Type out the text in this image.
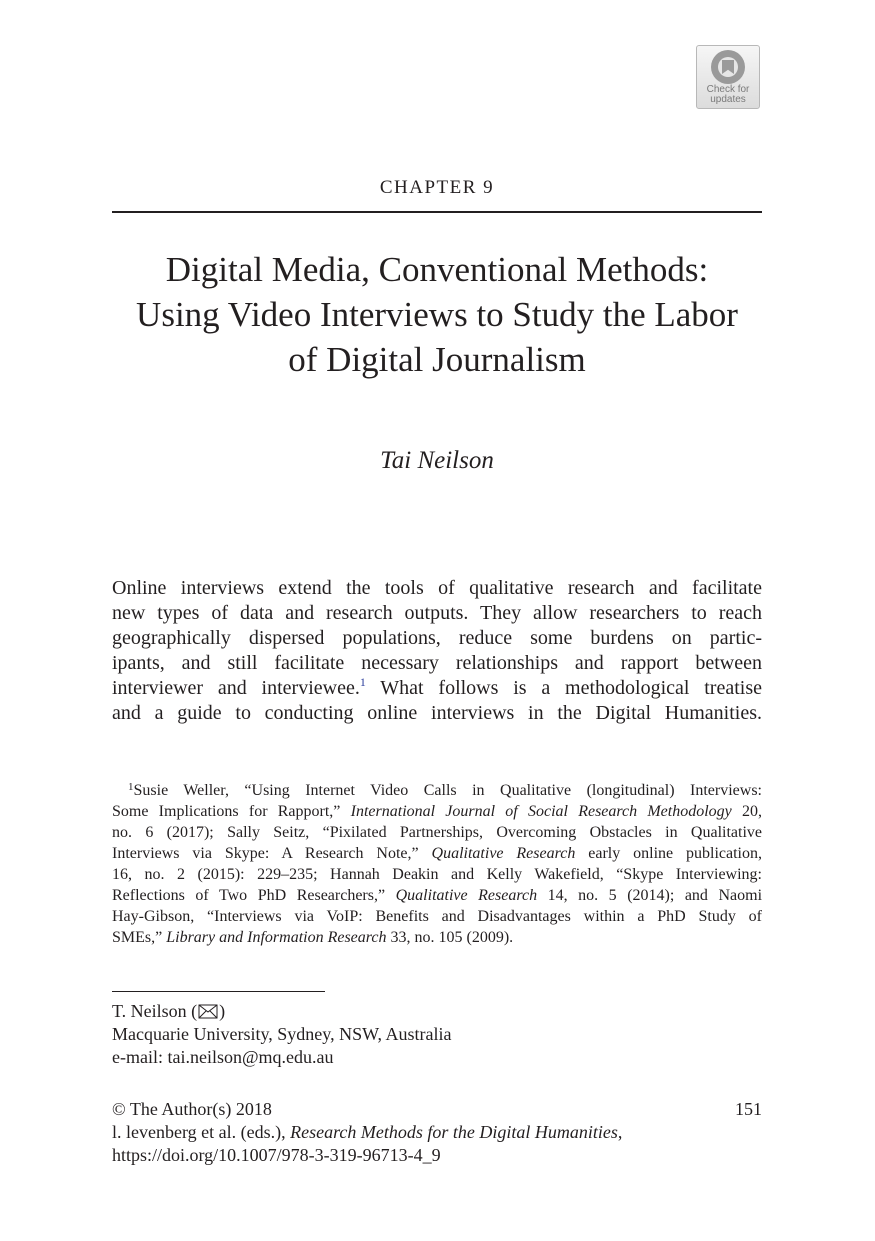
Check for
updates
CHAPTER 9
Digital Media, Conventional Methods:
Using Video Interviews to Study the Labor
of Digital Journalism
Tai Neilson
Online interviews extend the tools of qualitative research and facilitate
new types of data and research outputs. They allow researchers to reach
geographically dispersed populations, reduce some burdens on partic-
ipants, and still facilitate necessary relationships and rapport between
interviewer and interviewee.$^1$ What follows is a methodological treatise
and a guide to conducting online interviews in the Digital Humanities.
$^1$Susie Weller, “Using Internet Video Calls in Qualitative (longitudinal) Interviews:
Some Implications for Rapport,” International Journal of Social Research Methodology 20,
no. 6 (2017); Sally Seitz, “Pixilated Partnerships, Overcoming Obstacles in Qualitative
Interviews via Skype: A Research Note,” Qualitative Research early online publication,
16, no. 2 (2015): 229–235; Hannah Deakin and Kelly Wakefield, “Skype Interviewing:
Reflections of Two PhD Researchers,” Qualitative Research 14, no. 5 (2014); and Naomi
Hay-Gibson, “Interviews via VoIP: Benefits and Disadvantages within a PhD Study of
SMEs,” Library and Information Research 33, no. 105 (2009).
T. Neilson ( )
Macquarie University, Sydney, NSW, Australia
e-mail: tai.neilson@mq.edu.au
© The Author(s) 2018
l. levenberg et al. (eds.), Research Methods for the Digital Humanities,
https://doi.org/10.1007/978-3-319-96713-4_9
151
